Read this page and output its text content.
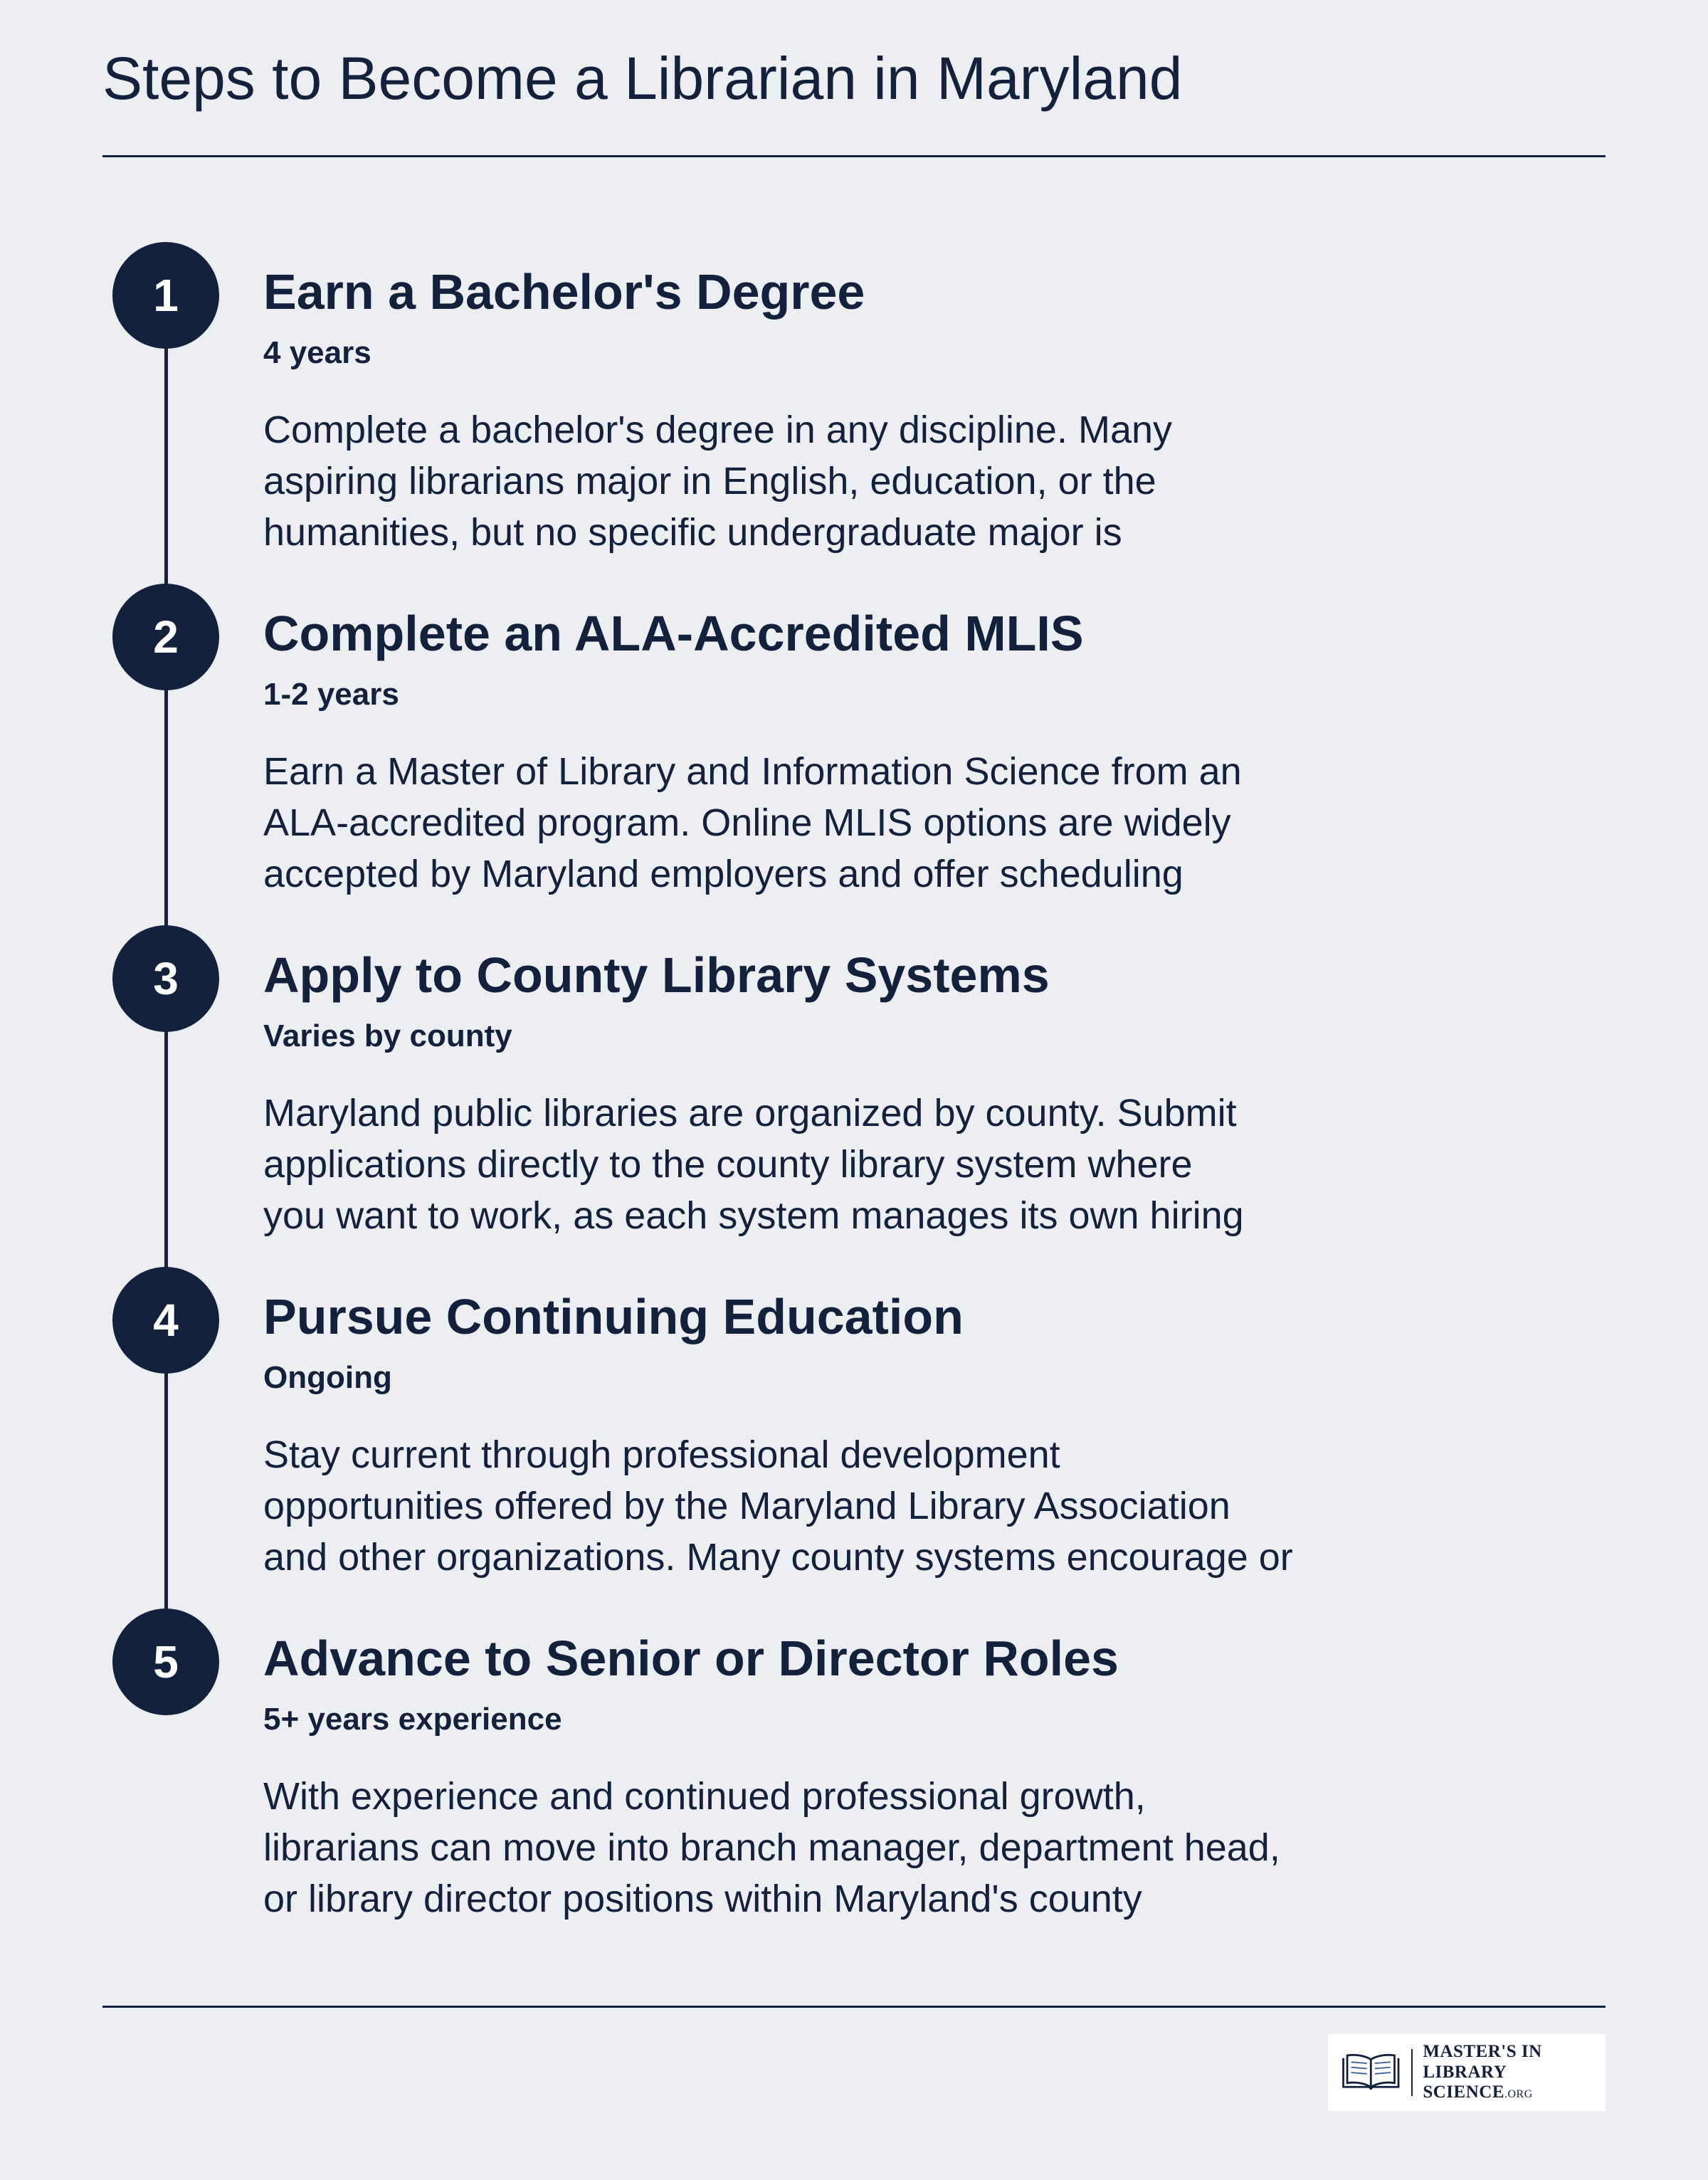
Steps to Become a Librarian in Maryland
1	Earn a Bachelor's Degree
4 years

Complete a bachelor's degree in any discipline. Many
aspiring librarians major in English, education, or the
humanities, but no specific undergraduate major is

2	Complete an ALA-Accredited MLIS
1-2 years

Earn a Master of Library and Information Science from an
ALA-accredited program. Online MLIS options are widely
accepted by Maryland employers and offer scheduling

3	Apply to County Library Systems
Varies by county

Maryland public libraries are organized by county. Submit
applications directly to the county library system where
you want to work, as each system manages its own hiring

4	Pursue Continuing Education
Ongoing

Stay current through professional development
opportunities offered by the Maryland Library Association
and other organizations. Many county systems encourage or

5	Advance to Senior or Director Roles
5+ years experience

With experience and continued professional growth,
librarians can move into branch manager, department head,
or library director positions within Maryland's county

MASTER'S IN
LIBRARY SCIENCE.ORG
